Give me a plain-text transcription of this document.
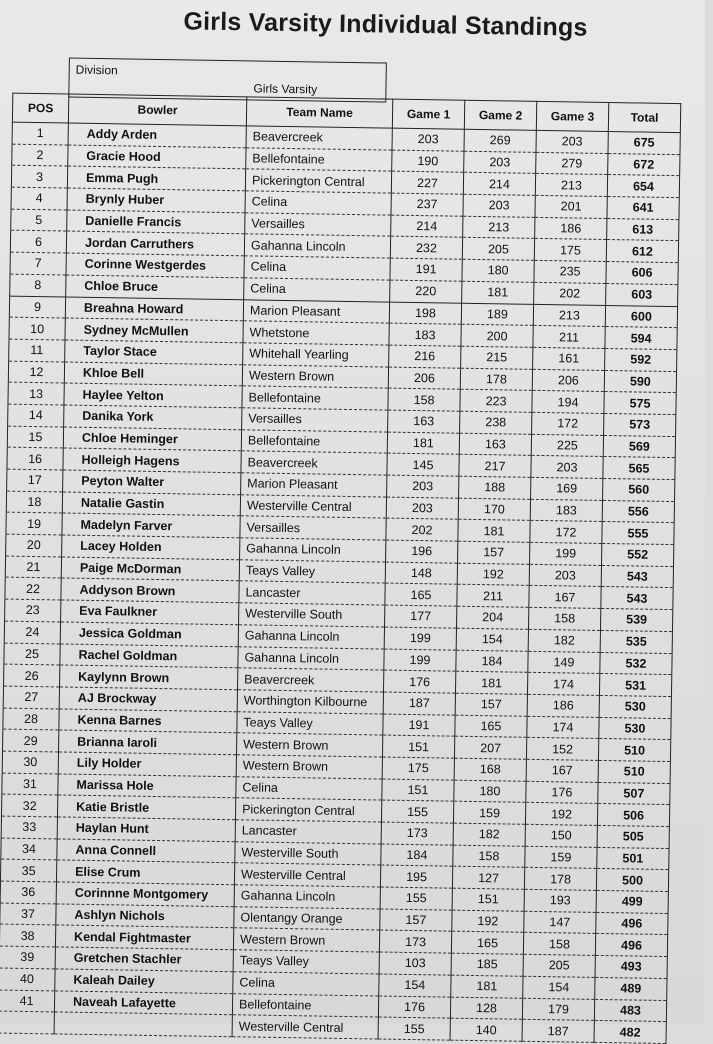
Girls Varsity Individual Standings
Division
Girls Varsity
POS	Bowler	Team Name	Game 1	Game 2	Game 3	Total
1	Addy Arden	Beavercreek	203	269	203	675
2	Gracie Hood	Bellefontaine	190	203	279	672
3	Emma Pugh	Pickerington Central	227	214	213	654
4	Brynly Huber	Celina	237	203	201	641
5	Danielle Francis	Versailles	214	213	186	613
6	Jordan Carruthers	Gahanna Lincoln	232	205	175	612
7	Corinne Westgerdes	Celina	191	180	235	606
8	Chloe Bruce	Celina	220	181	202	603
9	Breahna Howard	Marion Pleasant	198	189	213	600
10	Sydney McMullen	Whetstone	183	200	211	594
11	Taylor Stace	Whitehall Yearling	216	215	161	592
12	Khloe Bell	Western Brown	206	178	206	590
13	Haylee Yelton	Bellefontaine	158	223	194	575
14	Danika York	Versailles	163	238	172	573
15	Chloe Heminger	Bellefontaine	181	163	225	569
16	Holleigh Hagens	Beavercreek	145	217	203	565
17	Peyton Walter	Marion Pleasant	203	188	169	560
18	Natalie Gastin	Westerville Central	203	170	183	556
19	Madelyn Farver	Versailles	202	181	172	555
20	Lacey Holden	Gahanna Lincoln	196	157	199	552
21	Paige McDorman	Teays Valley	148	192	203	543
22	Addyson Brown	Lancaster	165	211	167	543
23	Eva Faulkner	Westerville South	177	204	158	539
24	Jessica Goldman	Gahanna Lincoln	199	154	182	535
25	Rachel Goldman	Gahanna Lincoln	199	184	149	532
26	Kaylynn Brown	Beavercreek	176	181	174	531
27	AJ Brockway	Worthington Kilbourne	187	157	186	530
28	Kenna Barnes	Teays Valley	191	165	174	530
29	Brianna Iaroli	Western Brown	151	207	152	510
30	Lily Holder	Western Brown	175	168	167	510
31	Marissa Hole	Celina	151	180	176	507
32	Katie Bristle	Pickerington Central	155	159	192	506
33	Haylan Hunt	Lancaster	173	182	150	505
34	Anna Connell	Westerville South	184	158	159	501
35	Elise Crum	Westerville Central	195	127	178	500
36	Corinnne Montgomery	Gahanna Lincoln	155	151	193	499
37	Ashlyn Nichols	Olentangy Orange	157	192	147	496
38	Kendal Fightmaster	Western Brown	173	165	158	496
39	Gretchen Stachler	Teays Valley	103	185	205	493
40	Kaleah Dailey	Celina	154	181	154	489
41	Naveah Lafayette	Bellefontaine	176	128	179	483
		Westerville Central	155	140	187	482
